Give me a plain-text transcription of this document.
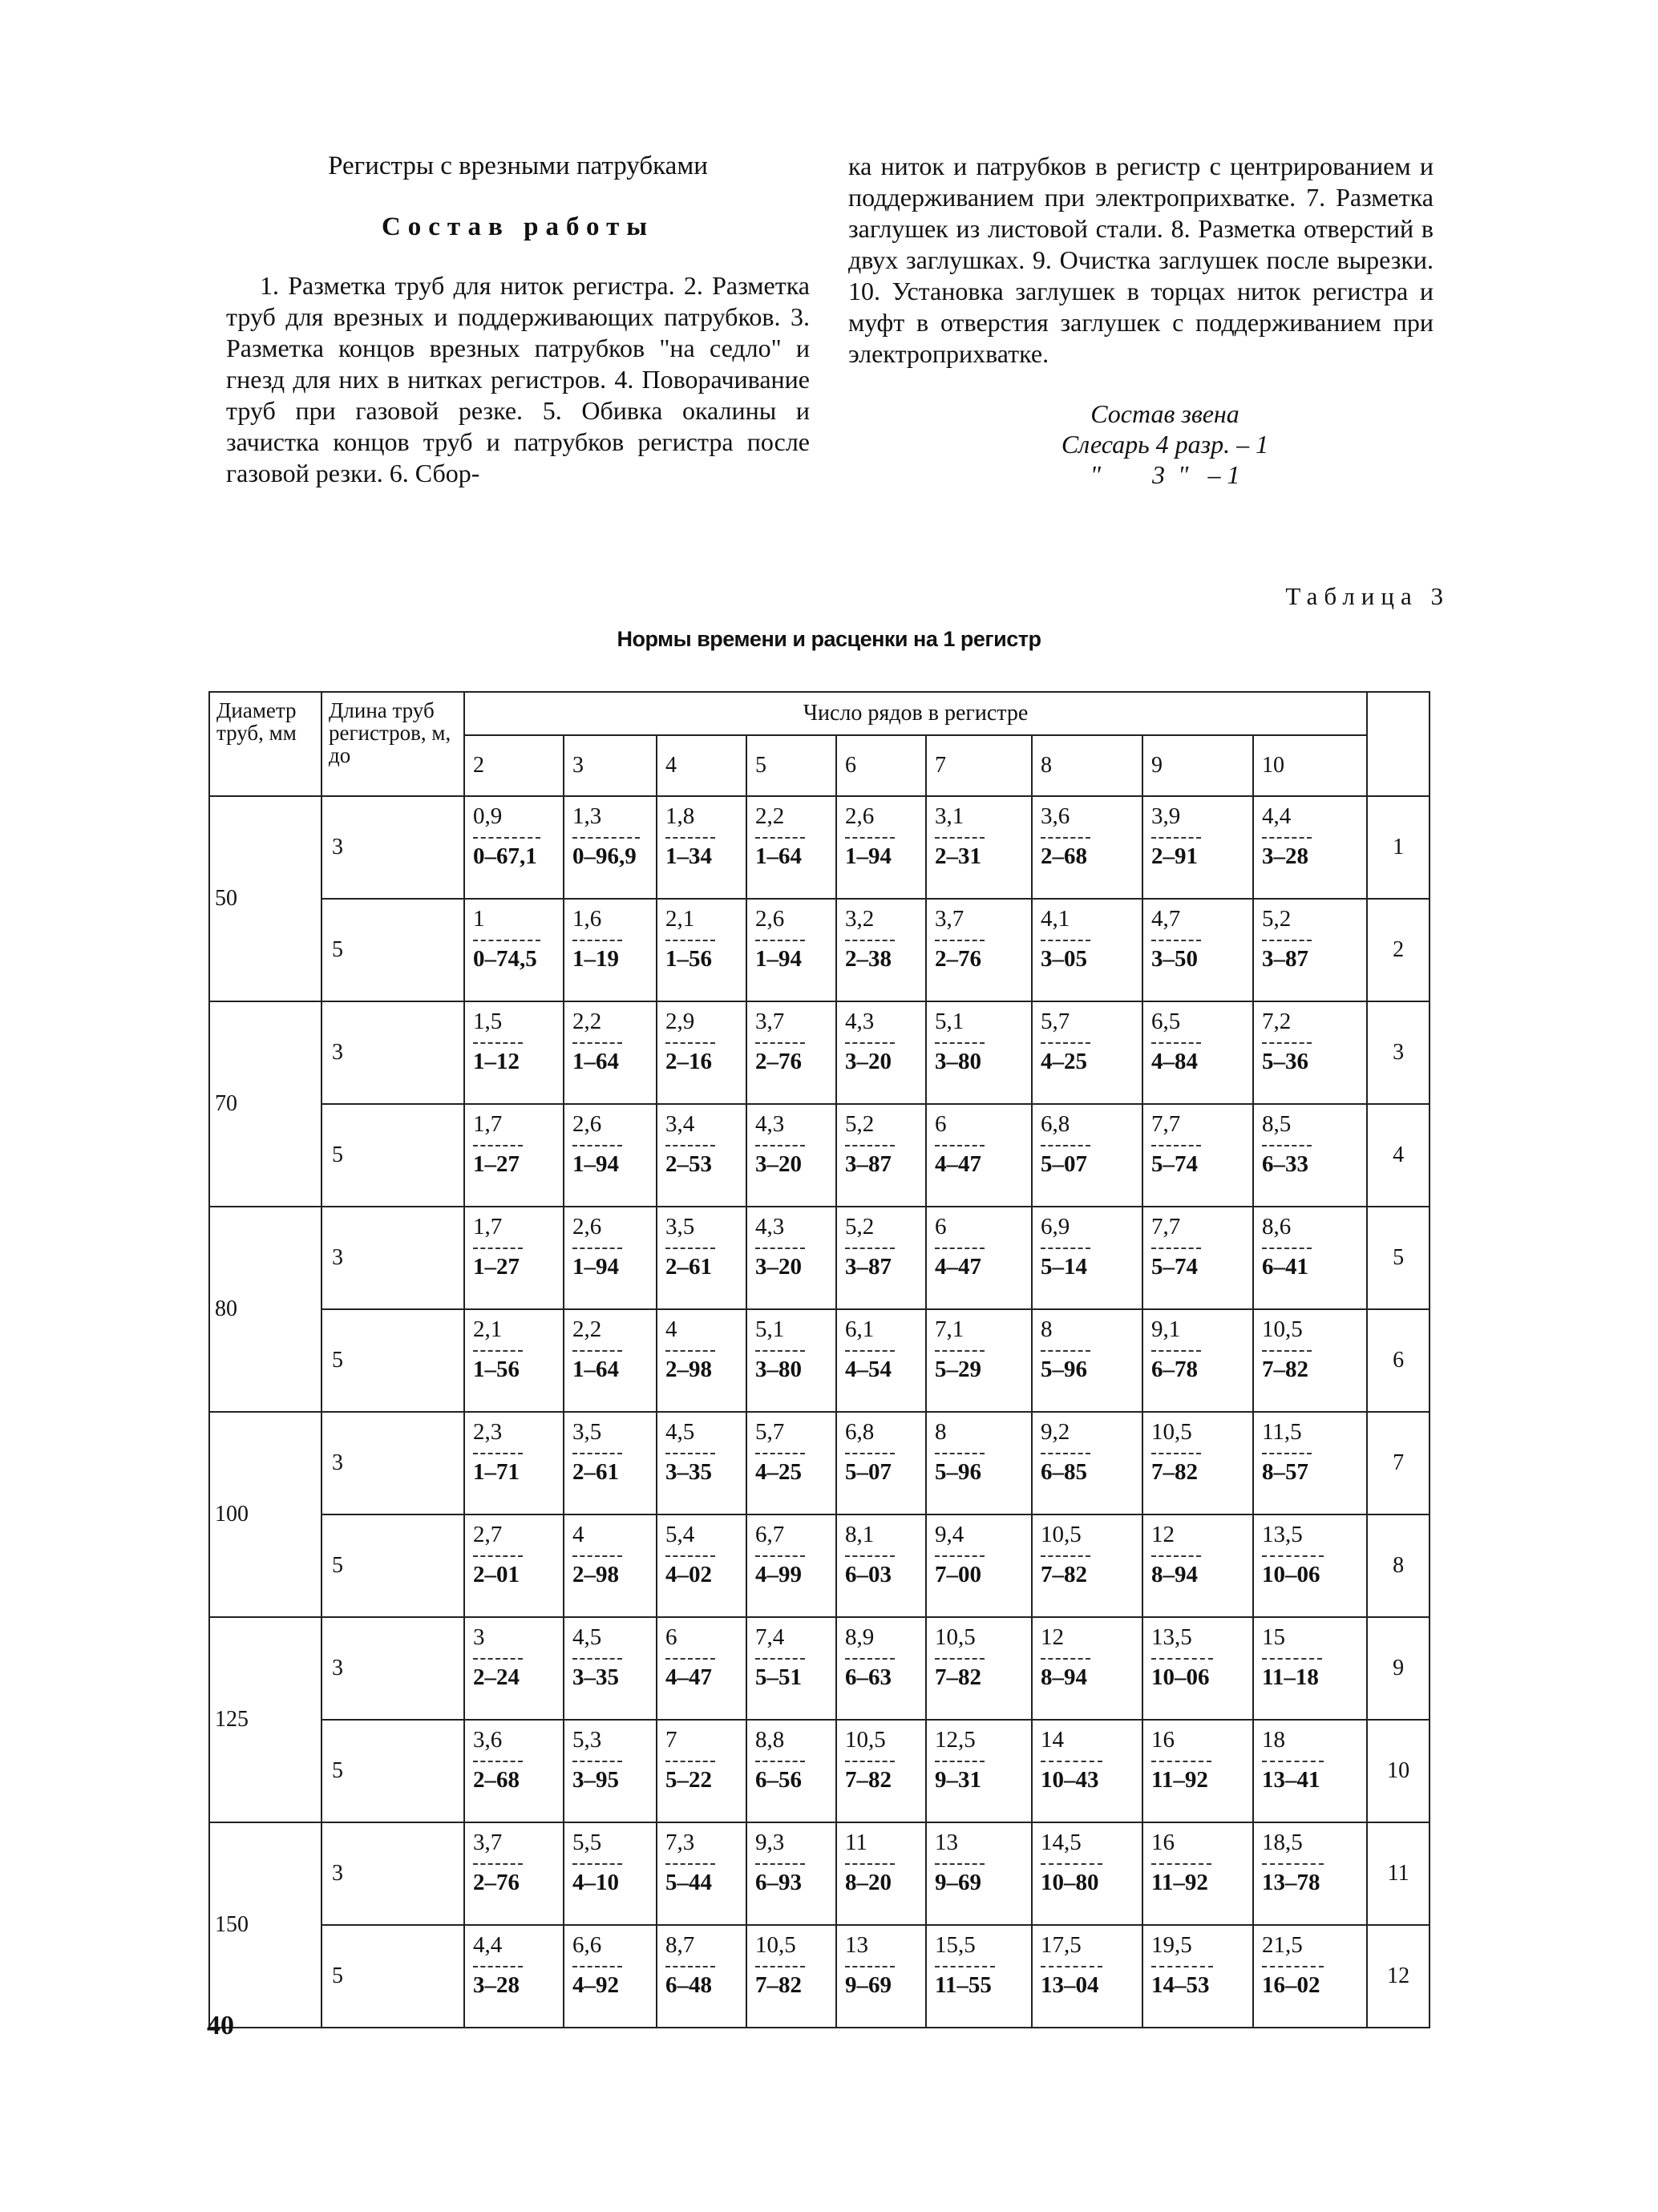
Регистры с врезными патрубками
Состав работы

1. Разметка труб для ниток регистра. 2. Разметка труб для врезных и поддерживающих патрубков. 3. Разметка концов врезных патрубков "на седло" и гнезд для них в нитках регистров. 4. Поворачивание труб при газовой резке. 5. Обивка окалины и зачистка концов труб и патрубков регистра после газовой резки. 6. Сбор-

ка ниток и патрубков в регистр с центрированием и поддерживанием при электроприхватке. 7. Разметка заглушек из листовой стали. 8. Разметка отверстий в двух заглушках. 9. Очистка заглушек после вырезки. 10. Установка заглушек в торцах ниток регистра и муфт в отверстия заглушек с поддерживанием при электроприхватке.

Состав звена
Слесарь 4 разр. – 1
"        3  "   – 1
Таблица 3
Нормы времени и расценки на 1 регистр
Диаметр труб, мм	Длина труб регистров, м, до	Число рядов в регистре									
		2	3	4	5	6	7	8	9	10	
50	3	$\frac{0,9}{0-67,1}$	$\frac{1,3}{0-96,9}$	$\frac{1,8}{1-34}$	$\frac{2,2}{1-64}$	$\frac{2,6}{1-94}$	$\frac{3,1}{2-31}$	$\frac{3,6}{2-68}$	$\frac{3,9}{2-91}$	$\frac{4,4}{3-28}$	1
	5	$\frac{1}{0-74,5}$	$\frac{1,6}{1-19}$	$\frac{2,1}{1-56}$	$\frac{2,6}{1-94}$	$\frac{3,2}{2-38}$	$\frac{3,7}{2-76}$	$\frac{4,1}{3-05}$	$\frac{4,7}{3-50}$	$\frac{5,2}{3-87}$	2
70	3	$\frac{1,5}{1-12}$	$\frac{2,2}{1-64}$	$\frac{2,9}{2-16}$	$\frac{3,7}{2-76}$	$\frac{4,3}{3-20}$	$\frac{5,1}{3-80}$	$\frac{5,7}{4-25}$	$\frac{6,5}{4-84}$	$\frac{7,2}{5-36}$	3
	5	$\frac{1,7}{1-27}$	$\frac{2,6}{1-94}$	$\frac{3,4}{2-53}$	$\frac{4,3}{3-20}$	$\frac{5,2}{3-87}$	$\frac{6}{4-47}$	$\frac{6,8}{5-07}$	$\frac{7,7}{5-74}$	$\frac{8,5}{6-33}$	4
80	3	$\frac{1,7}{1-27}$	$\frac{2,6}{1-94}$	$\frac{3,5}{2-61}$	$\frac{4,3}{3-20}$	$\frac{5,2}{3-87}$	$\frac{6}{4-47}$	$\frac{6,9}{5-14}$	$\frac{7,7}{5-74}$	$\frac{8,6}{6-41}$	5
	5	$\frac{2,1}{1-56}$	$\frac{2,2}{1-64}$	$\frac{4}{2-98}$	$\frac{5,1}{3-80}$	$\frac{6,1}{4-54}$	$\frac{7,1}{5-29}$	$\frac{8}{5-96}$	$\frac{9,1}{6-78}$	$\frac{10,5}{7-82}$	6
100	3	$\frac{2,3}{1-71}$	$\frac{3,5}{2-61}$	$\frac{4,5}{3-35}$	$\frac{5,7}{4-25}$	$\frac{6,8}{5-07}$	$\frac{8}{5-96}$	$\frac{9,2}{6-85}$	$\frac{10,5}{7-82}$	$\frac{11,5}{8-57}$	7
	5	$\frac{2,7}{2-01}$	$\frac{4}{2-98}$	$\frac{5,4}{4-02}$	$\frac{6,7}{4-99}$	$\frac{8,1}{6-03}$	$\frac{9,4}{7-00}$	$\frac{10,5}{7-82}$	$\frac{12}{8-94}$	$\frac{13,5}{10-06}$	8
125	3	$\frac{3}{2-24}$	$\frac{4,5}{3-35}$	$\frac{6}{4-47}$	$\frac{7,4}{5-51}$	$\frac{8,9}{6-63}$	$\frac{10,5}{7-82}$	$\frac{12}{8-94}$	$\frac{13,5}{10-06}$	$\frac{15}{11-18}$	9
	5	$\frac{3,6}{2-68}$	$\frac{5,3}{3-95}$	$\frac{7}{5-22}$	$\frac{8,8}{6-56}$	$\frac{10,5}{7-82}$	$\frac{12,5}{9-31}$	$\frac{14}{10-43}$	$\frac{16}{11-92}$	$\frac{18}{13-41}$	10
150	3	$\frac{3,7}{2-76}$	$\frac{5,5}{4-10}$	$\frac{7,3}{5-44}$	$\frac{9,3}{6-93}$	$\frac{11}{8-20}$	$\frac{13}{9-69}$	$\frac{14,5}{10-80}$	$\frac{16}{11-92}$	$\frac{18,5}{13-78}$	11
	5	$\frac{4,4}{3-28}$	$\frac{6,6}{4-92}$	$\frac{8,7}{6-48}$	$\frac{10,5}{7-82}$	$\frac{13}{9-69}$	$\frac{15,5}{11-55}$	$\frac{17,5}{13-04}$	$\frac{19,5}{14-53}$	$\frac{21,5}{16-02}$	12
40
